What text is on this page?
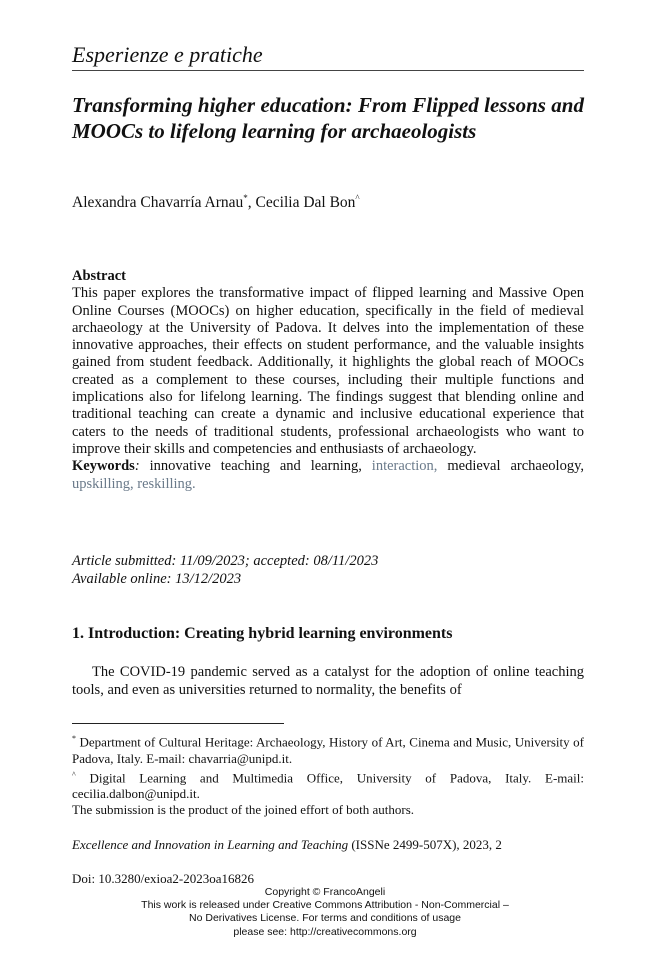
Esperienze e pratiche
Transforming higher education: From Flipped lessons and MOOCs to lifelong learning for archaeologists
Alexandra Chavarría Arnau*, Cecilia Dal Bon^
Abstract

This paper explores the transformative impact of flipped learning and Massive Open Online Courses (MOOCs) on higher education, specifically in the field of medieval archaeology at the University of Padova. It delves into the implementation of these innovative approaches, their effects on student performance, and the valuable insights gained from student feedback. Additionally, it highlights the global reach of MOOCs created as a complement to these courses, including their multiple functions and implications also for lifelong learning. The findings suggest that blending online and traditional teaching can create a dynamic and inclusive educational experience that caters to the needs of traditional students, professional archaeologists who want to improve their skills and competencies and enthusiasts of archaeology.

Keywords: innovative teaching and learning, interaction, medieval archaeology, upskilling, reskilling.

Article submitted: 11/09/2023; accepted: 08/11/2023
Available online: 13/12/2023
1. Introduction: Creating hybrid learning environments

The COVID-19 pandemic served as a catalyst for the adoption of online teaching tools, and even as universities returned to normality, the benefits of

* Department of Cultural Heritage: Archaeology, History of Art, Cinema and Music, University of Padova, Italy. E-mail: chavarria@unipd.it.

^ Digital Learning and Multimedia Office, University of Padova, Italy. E-mail: cecilia.dalbon@unipd.it.

The submission is the product of the joined effort of both authors.

Excellence and Innovation in Learning and Teaching (ISSNe 2499-507X), 2023, 2
Doi: 10.3280/exioa2-2023oa16826
Copyright © FrancoAngeli
This work is released under Creative Commons Attribution - Non-Commercial –
No Derivatives License. For terms and conditions of usage
please see: http://creativecommons.org
